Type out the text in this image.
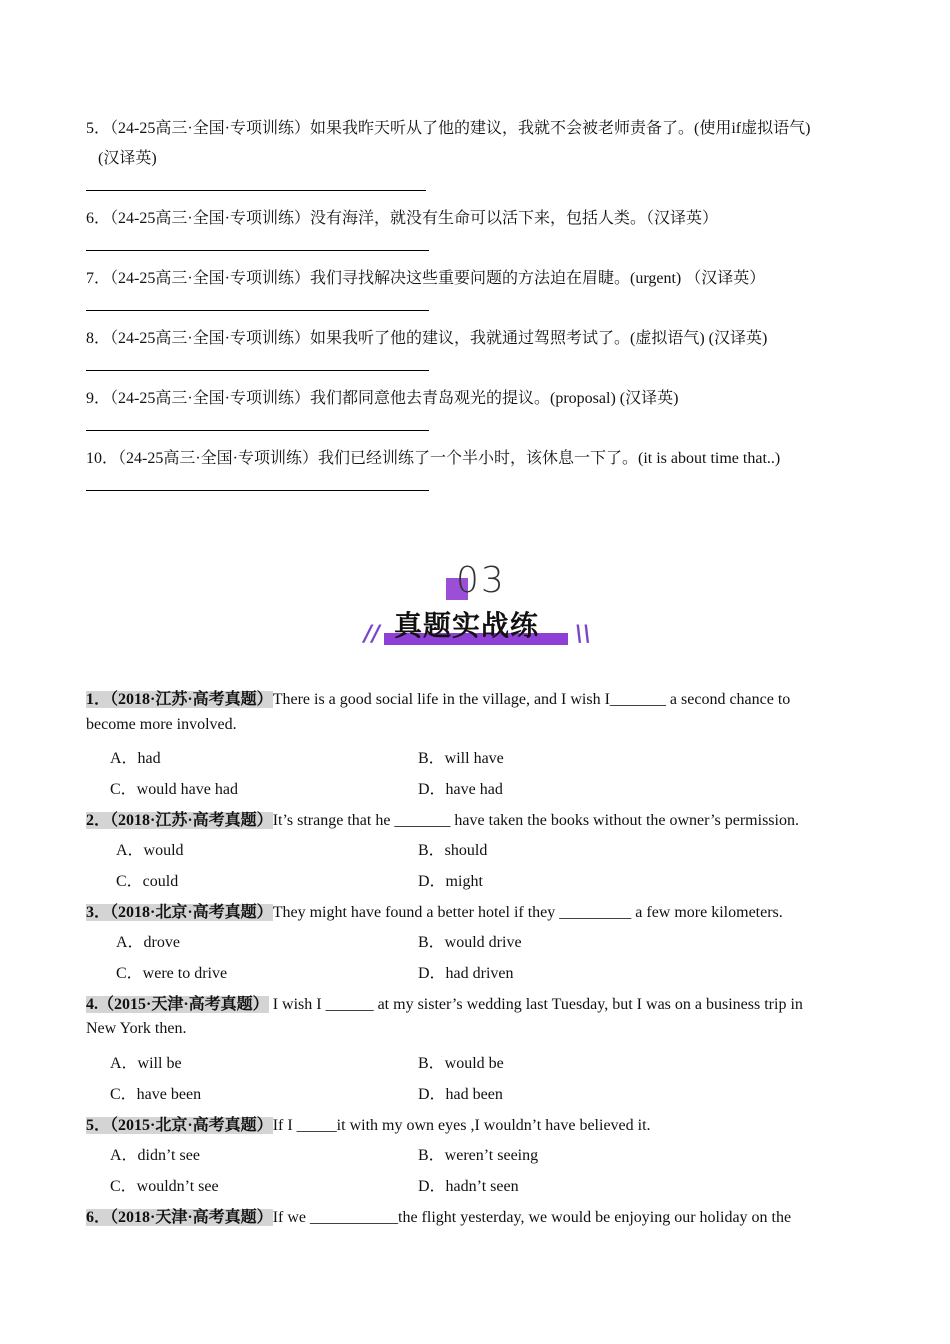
5．（24-25高三·全国·专项训练）如果我昨天听从了他的建议，我就不会被老师责备了。(使用if虚拟语气)
(汉译英)
6．（24-25高三·全国·专项训练）没有海洋，就没有生命可以活下来，包括人类。（汉译英）
7．（24-25高三·全国·专项训练）我们寻找解决这些重要问题的方法迫在眉睫。(urgent) （汉译英）
8．（24-25高三·全国·专项训练）如果我听了他的建议，我就通过驾照考试了。(虚拟语气) (汉译英)
9．（24-25高三·全国·专项训练）我们都同意他去青岛观光的提议。(proposal) (汉译英)
10．（24-25高三·全国·专项训练）我们已经训练了一个半小时，该休息一下了。(it is about time that..)
03
// 真题实战练 \\
1．（2018·江苏·高考真题）There is a good social life in the village, and I wish I_______ a second chance to
become more involved.
A．had	B．will have
C．would have had	D．have had
2．（2018·江苏·高考真题）It’s strange that he _______ have taken the books without the owner’s permission.
A．would	B．should
C．could	D．might
3．（2018·北京·高考真题）They might have found a better hotel if they _________ a few more kilometers.
A．drove	B．would drive
C．were to drive	D．had driven
4.（2015·天津·高考真题） I wish I ______ at my sister’s wedding last Tuesday, but I was on a business trip in
New York then.
A．will be	B．would be
C．have been	D．had been
5．（2015·北京·高考真题）If I _____it with my own eyes ,I wouldn’t have believed it.
A．didn’t see	B．weren’t seeing
C．wouldn’t see	D．hadn’t seen
6．（2018·天津·高考真题）If we ___________the flight yesterday, we would be enjoying our holiday on the
